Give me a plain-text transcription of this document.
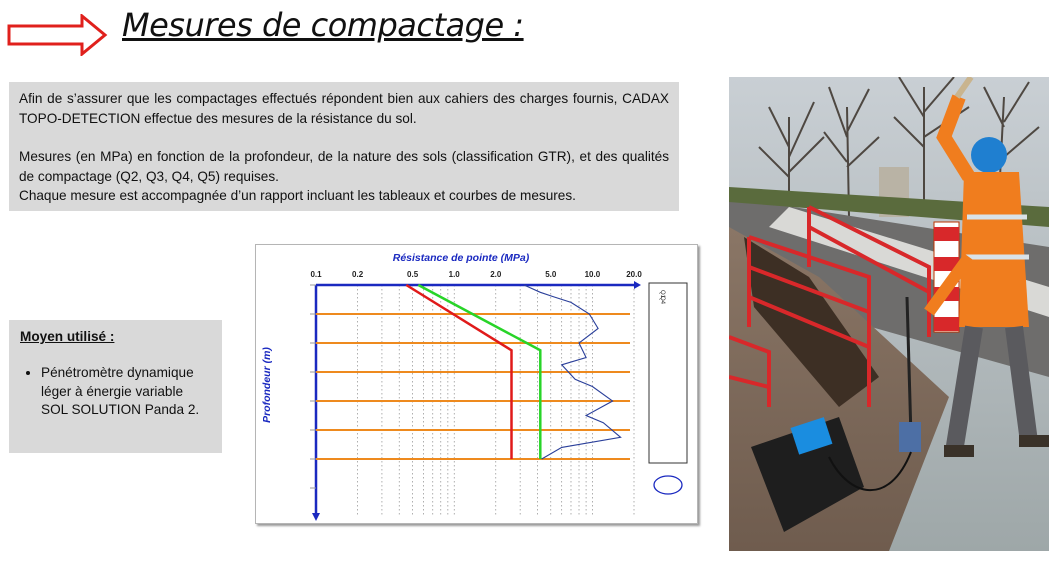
Mesures de compactage :

Afin de s’assurer que les compactages effectués répondent bien aux cahiers des charges fournis, CADAX TOPO-DETECTION effectue des mesures de la résistance du sol.

Mesures (en MPa) en fonction de la profondeur, de la nature des sols (classification GTR), et des qualités de compactage (Q2, Q3, Q4, Q5) requises.
Chaque mesure est accompagnée d’un rapport incluant les tableaux et courbes de mesures.

Moyen utilisé :
• Pénétromètre dynamique léger à énergie variable SOL SOLUTION Panda 2.
Résistance de pointe (MPa)
Profondeur (m)
0.1	0.2	0.5	1.0	2.0	5.0	10.0	20.0
Q1
Q4
